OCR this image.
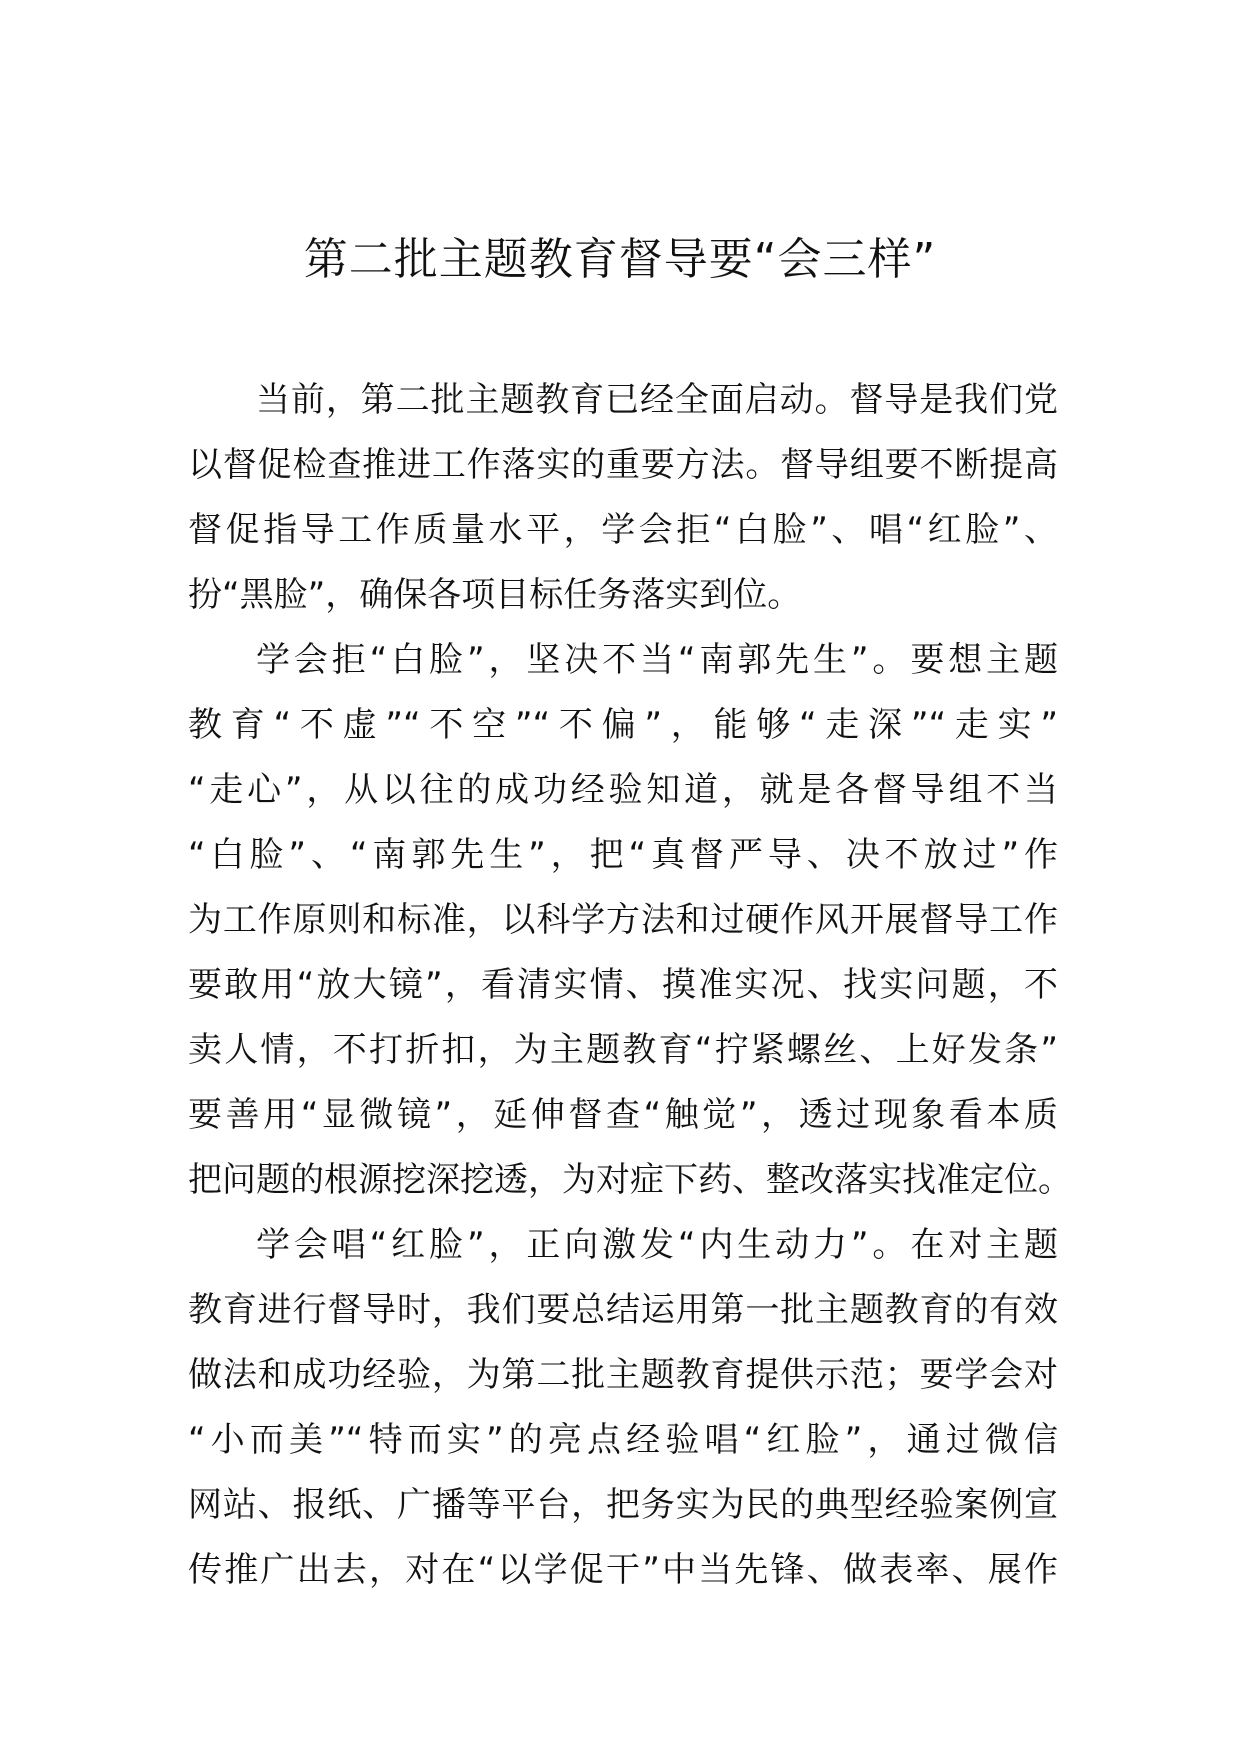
第二批主题教育督导要“会三样”

当前，第二批主题教育已经全面启动。督导是我们党

以督促检查推进工作落实的重要方法。督导组要不断提高

督促指导工作质量水平，学会拒“白脸”、唱“红脸”、

扮“黑脸”，确保各项目标任务落实到位。

学会拒“白脸”，坚决不当“南郭先生”。要想主题

教育“不虚”“不空”“不偏”，能够“走深”“走实”

“走心”，从以往的成功经验知道，就是各督导组不当

“白脸”、“南郭先生”，把“真督严导、决不放过”作

为工作原则和标准，以科学方法和过硬作风开展督导工作

要敢用“放大镜”，看清实情、摸准实况、找实问题，不

卖人情，不打折扣，为主题教育“拧紧螺丝、上好发条”

要善用“显微镜”，延伸督查“触觉”，透过现象看本质

把问题的根源挖深挖透，为对症下药、整改落实找准定位。

学会唱“红脸”，正向激发“内生动力”。在对主题

教育进行督导时，我们要总结运用第一批主题教育的有效

做法和成功经验，为第二批主题教育提供示范；要学会对

“小而美”“特而实”的亮点经验唱“红脸”，通过微信

网站、报纸、广播等平台，把务实为民的典型经验案例宣

传推广出去，对在“以学促干”中当先锋、做表率、展作
